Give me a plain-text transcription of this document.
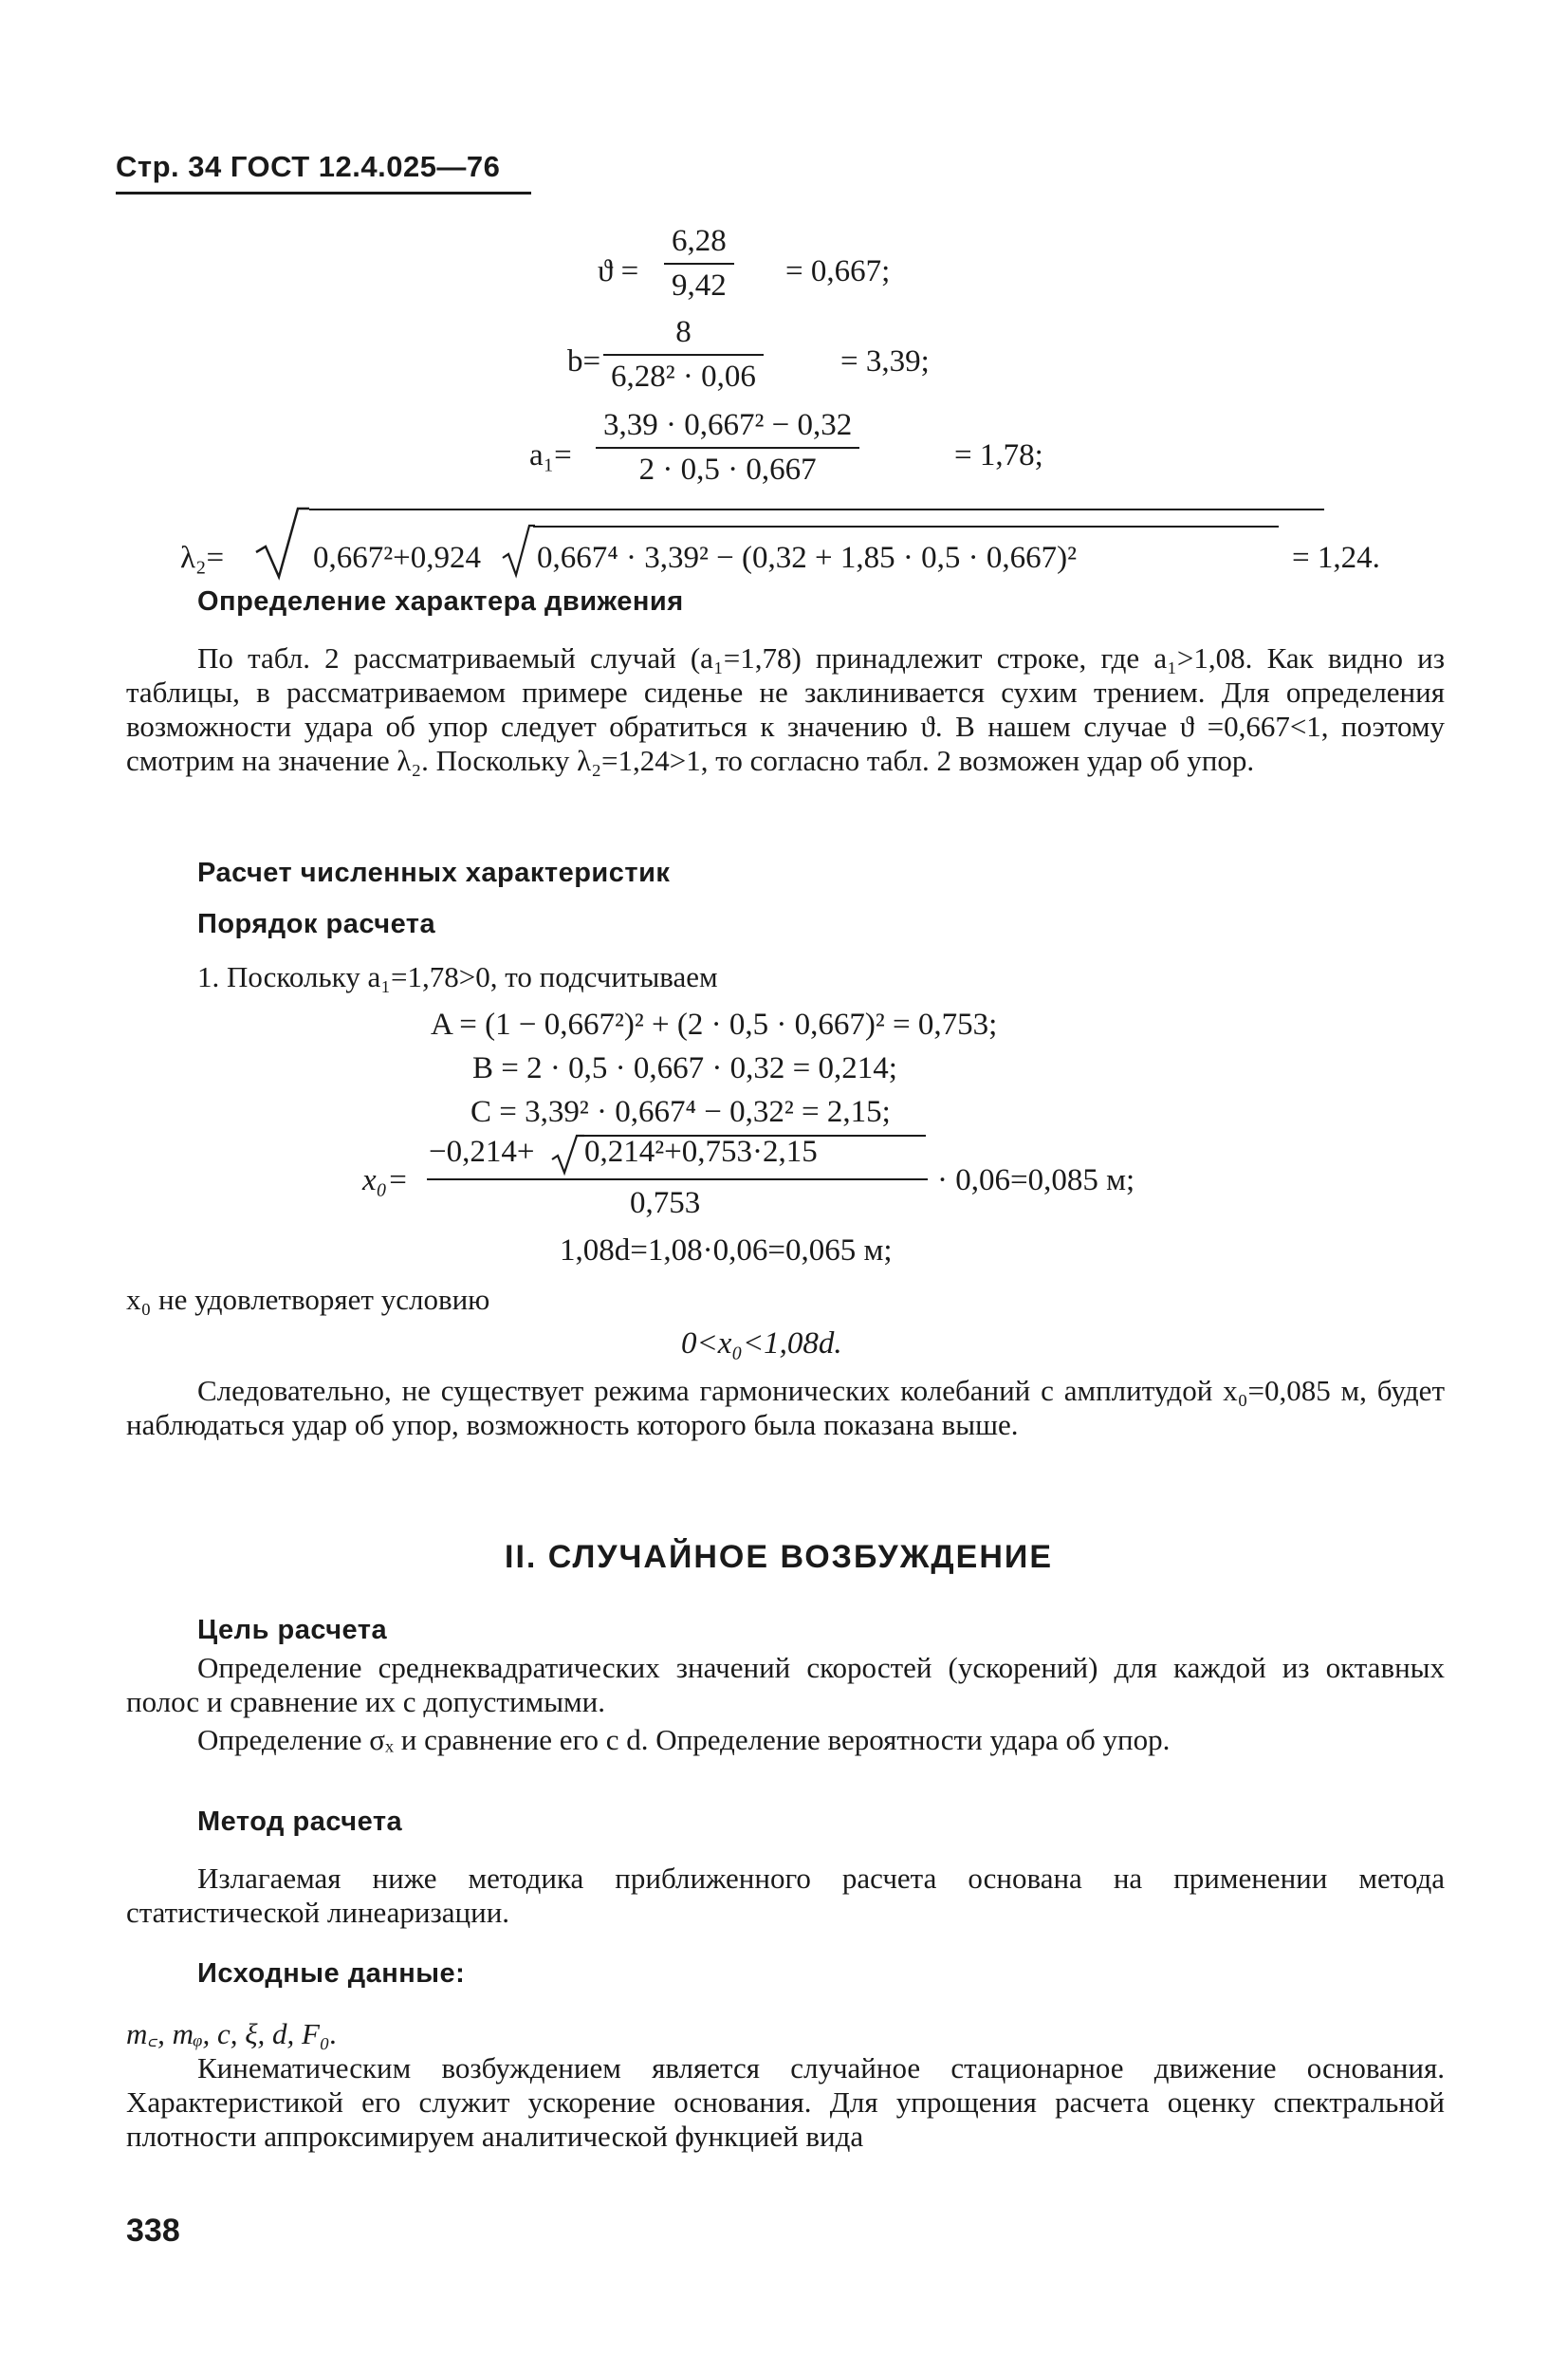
Стр. 34 ГОСТ 12.4.025—76
ϑ =
6,28
9,42 = 0,667;
b=
8
6,28² · 0,06	= 3,39;
a₁=
3,39 · 0,667² − 0,32
2 · 0,5 · 0,667	= 1,78;
λ₂=	0,667²+0,924 0,667⁴ · 3,39² − (0,32 + 1,85 · 0,5 · 0,667)²	= 1,24.
Определение характера движения

По табл. 2 рассматриваемый случай (a₁=1,78) принадлежит строке, где a₁>1,08. Как видно из таблицы, в рассматриваемом примере сиденье не заклинивается сухим трением. Для определения возможности удара об упор следует обратиться к значению ϑ. В нашем случае ϑ =0,667<1, поэтому смотрим на значение λ₂. Поскольку λ₂=1,24>1, то согласно табл. 2 возможен удар об упор.

Расчет численных характеристик
Порядок расчета
1. Поскольку a₁=1,78>0, то подсчитываем
A = (1 − 0,667²)² + (2 · 0,5 · 0,667)² = 0,753;
B = 2 · 0,5 · 0,667 · 0,32 = 0,214;
C = 3,39² · 0,667⁴ − 0,32² = 2,15;
x₀=
−0,214+ 0,214²+0,753·2,15
0,753
· 0,06=0,085 м;
1,08d=1,08·0,06=0,065 м;
x₀ не удовлетворяет условию
0<x₀<1,08d.

Следовательно, не существует режима гармонических колебаний с амплитудой x₀=0,085 м, будет наблюдаться удар об упор, возможность которого была показана выше.

II. СЛУЧАЙНОЕ ВОЗБУЖДЕНИЕ
Цель расчета

Определение среднеквадратических значений скоростей (ускорений) для каждой из октавных полос и сравнение их с допустимыми.

Определение σₓ и сравнение его с d. Определение вероятности удара об упор.

Метод расчета

Излагаемая ниже методика приближенного расчета основана на применении метода статистической линеаризации.

Исходные данные:
m꜀, mᵩ, c, ξ, d, F₀.

Кинематическим возбуждением является случайное стационарное движение основания. Характеристикой его служит ускорение основания. Для упрощения расчета оценку спектральной плотности аппроксимируем аналитической функцией вида

338
